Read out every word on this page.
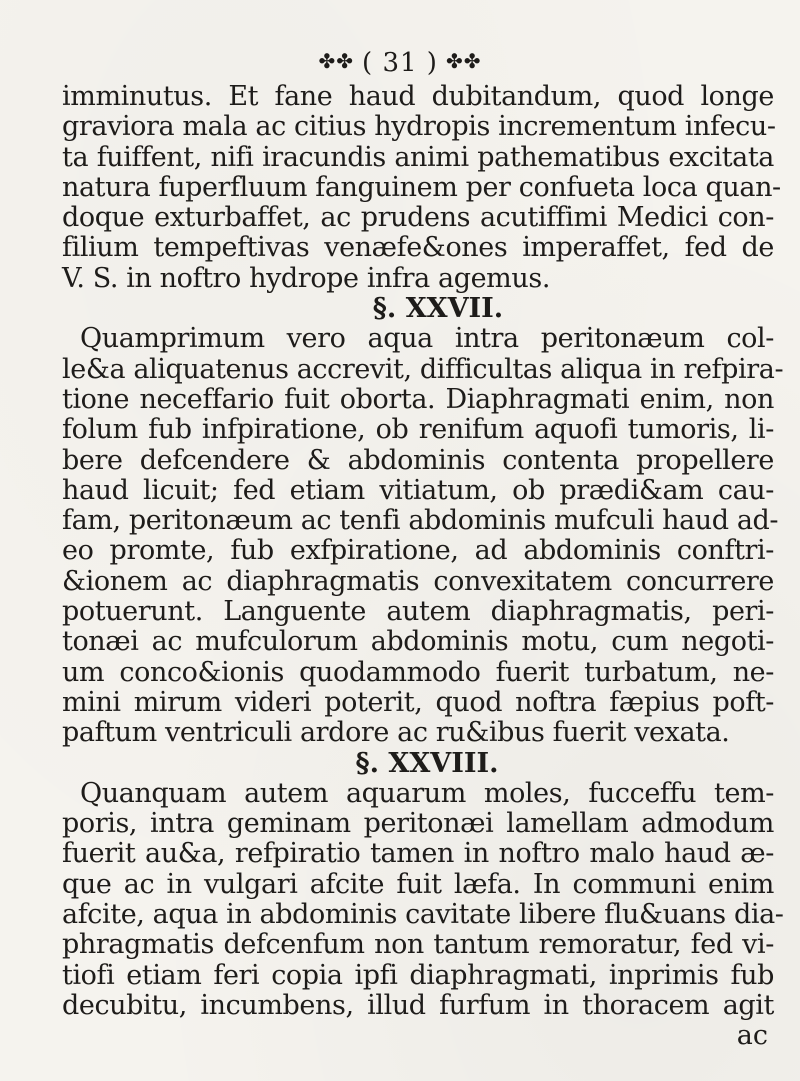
✤✤ ( 31 ) ✤✤
imminutus. Et fane haud dubitandum, quod longe
graviora mala ac citius hydropis incrementum infecu-
ta fuiffent, nifi iracundis animi pathematibus excitata
natura fuperfluum fanguinem per confueta loca quan-
doque exturbaffet, ac prudens acutiffimi Medici con-
filium tempeftivas venæfe&ones imperaffet, fed de
V. S. in noftro hydrope infra agemus.
§. XXVII.
Quamprimum vero aqua intra peritonæum col-
le&a aliquatenus accrevit, difficultas aliqua in refpira-
tione neceffario fuit oborta. Diaphragmati enim, non
folum fub infpiratione, ob renifum aquofi tumoris, li-
bere defcendere & abdominis contenta propellere
haud licuit; fed etiam vitiatum, ob prædi&am cau-
fam, peritonæum ac tenfi abdominis mufculi haud ad-
eo promte, fub exfpiratione, ad abdominis conftri-
&ionem ac diaphragmatis convexitatem concurrere
potuerunt. Languente autem diaphragmatis, peri-
tonæi ac mufculorum abdominis motu, cum negoti-
um conco&ionis quodammodo fuerit turbatum, ne-
mini mirum videri poterit, quod noftra fæpius poft-
paftum ventriculi ardore ac ru&ibus fuerit vexata.
§. XXVIII.
Quanquam autem aquarum moles, fucceffu tem-
poris, intra geminam peritonæi lamellam admodum
fuerit au&a, refpiratio tamen in noftro malo haud æ-
que ac in vulgari afcite fuit læfa. In communi enim
afcite, aqua in abdominis cavitate libere flu&uans dia-
phragmatis defcenfum non tantum remoratur, fed vi-
tiofi etiam feri copia ipfi diaphragmati, inprimis fub
decubitu, incumbens, illud furfum in thoracem agit
ac
